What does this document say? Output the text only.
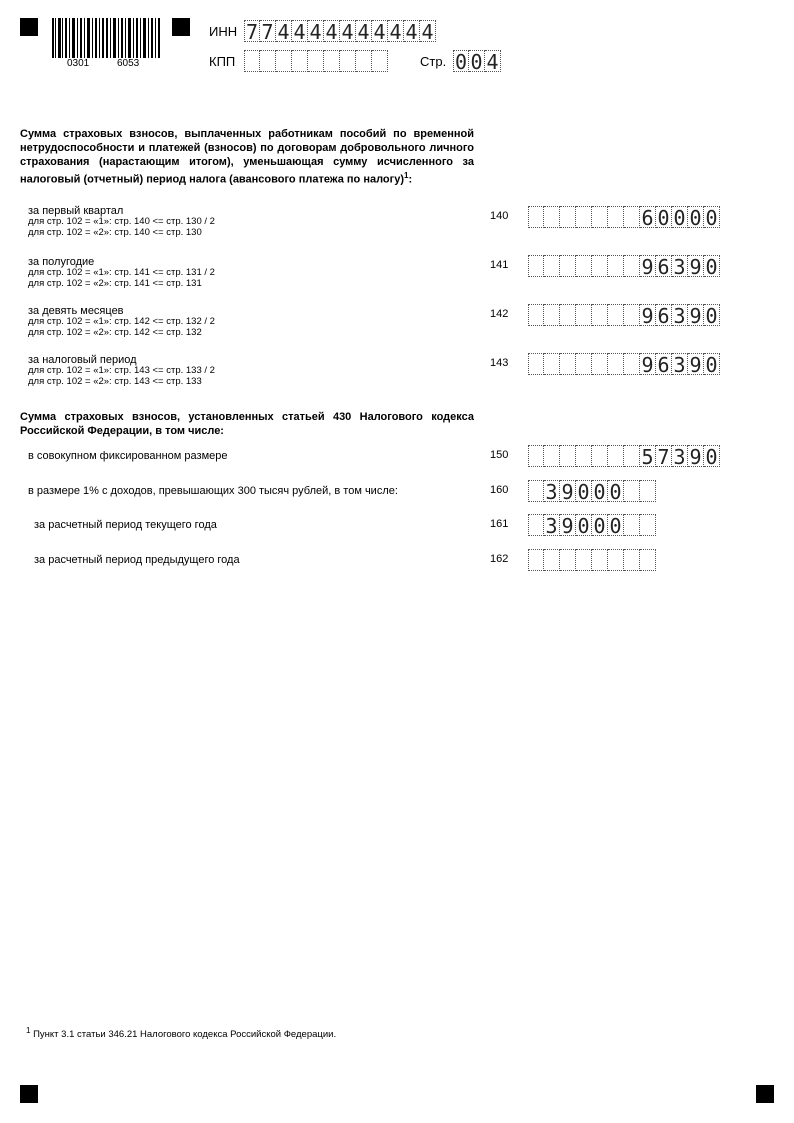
0301	6053
ИНН 7 7 4 4 4 4 4 4 4 4 4 4
КПП	Стр. 0 0 4
Сумма страховых взносов, выплаченных работникам пособий по временной нетрудоспособности и платежей (взносов) по договорам добровольного личного страхования (нарастающим итогом), уменьшающая сумму исчисленного за налоговый (отчетный) период налога (авансового платежа по налогу)$^1$:
за первый квартал
для стр. 102 = «1»: стр. 140 <= стр. 130 / 2
для стр. 102 = «2»: стр. 140 <= стр. 130
140	6 0 0 0 0
за полугодие
для стр. 102 = «1»: стр. 141 <= стр. 131 / 2
для стр. 102 = «2»: стр. 141 <= стр. 131
141	9 6 3 9 0
за девять месяцев
для стр. 102 = «1»: стр. 142 <= стр. 132 / 2
для стр. 102 = «2»: стр. 142 <= стр. 132
142	9 6 3 9 0
за налоговый период
для стр. 102 = «1»: стр. 143 <= стр. 133 / 2
для стр. 102 = «2»: стр. 143 <= стр. 133
143	9 6 3 9 0
Сумма страховых взносов, установленных статьей 430 Налогового кодекса Российской Федерации, в том числе:
в совокупном фиксированном размере	150	5 7 3 9 0
в размере 1% с доходов, превышающих 300 тысяч рублей, в том числе:	160 3 9 0 0 0
за расчетный период текущего года	161 3 9 0 0 0
за расчетный период предыдущего года	162
$^1$ Пункт 3.1 статьи 346.21 Налогового кодекса Российской Федерации.
